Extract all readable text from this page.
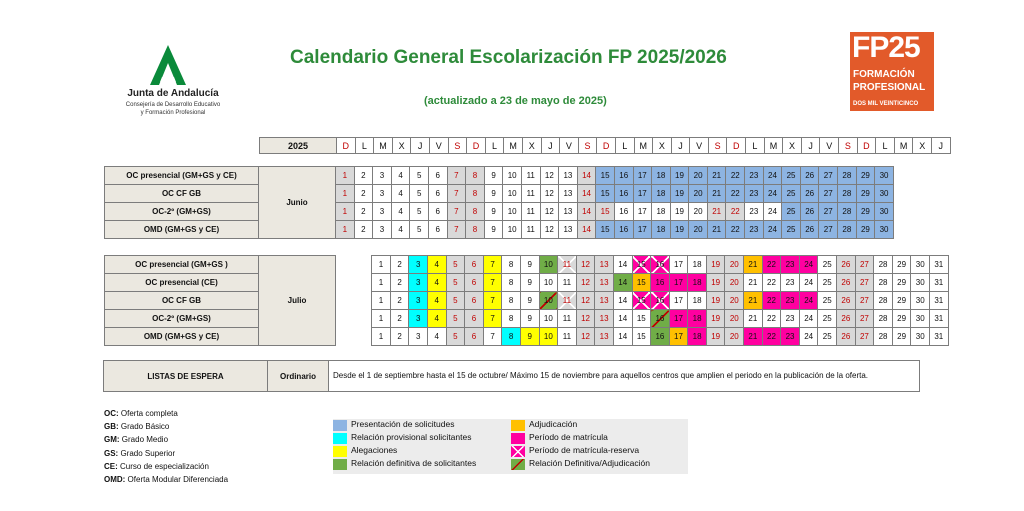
Junta de Andalucía
Consejería de Desarrollo Educativo
y Formación Profesional
Calendario General Escolarización FP 2025/2026
(actualizado a 23 de mayo de 2025)
FP25
FORMACIÓN
PROFESIONAL
DOS MIL VEINTICINCO
2025	D	L	M	X	J	V	S	D	L	M	X	J	V	S	D	L	M	X	J	V	S	D	L	M	X	J	V	S	D	L	M	X	J
OC presencial (GM+GS y CE)	Junio	1	2	3	4	5	6	7	8	9	10	11	12	13	14	15	16	17	18	19	20	21	22	23	24	25	26	27	28	29	30			
OC CF GB		1	2	3	4	5	6	7	8	9	10	11	12	13	14	15	16	17	18	19	20	21	22	23	24	25	26	27	28	29	30			
OC-2º (GM+GS)		1	2	3	4	5	6	7	8	9	10	11	12	13	14	15	16	17	18	19	20	21	22	23	24	25	26	27	28	29	30			
OMD (GM+GS y CE)		1	2	3	4	5	6	7	8	9	10	11	12	13	14	15	16	17	18	19	20	21	22	23	24	25	26	27	28	29	30			
OC presencial (GM+GS )	Julio			1	2	3	4	5	6	7	8	9	10	11	12	13	14	15	16	17	18	19	20	21	22	23	24	25	26	27	28	29	30	31
OC presencial (CE)				1	2	3	4	5	6	7	8	9	10	11	12	13	14	15	16	17	18	19	20	21	22	23	24	25	26	27	28	29	30	31
OC CF GB				1	2	3	4	5	6	7	8	9	10	11	12	13	14	15	16	17	18	19	20	21	22	23	24	25	26	27	28	29	30	31
OC-2º (GM+GS)				1	2	3	4	5	6	7	8	9	10	11	12	13	14	15	16	17	18	19	20	21	22	23	24	25	26	27	28	29	30	31
OMD (GM+GS y CE)				1	2	3	4	5	6	7	8	9	10	11	12	13	14	15	16	17	18	19	20	21	22	23	24	25	26	27	28	29	30	31
LISTAS DE ESPERA	Ordinario	Desde el 1 de septiembre hasta el 15 de octubre/ Máximo 15 de noviembre para aquellos centros que amplien el periodo en la publicación de la oferta.
OC: Oferta completa
GB: Grado Básico
GM: Grado Medio
GS: Grado Superior
CE: Curso de especialización
OMD: Oferta Modular Diferenciada
Presentación de solicitudes
Relación provisional solicitantes
Alegaciones
Relación definitiva de solicitantes
Adjudicación
Período de matrícula
Período de matrícula-reserva
Relación Definitiva/Adjudicación
